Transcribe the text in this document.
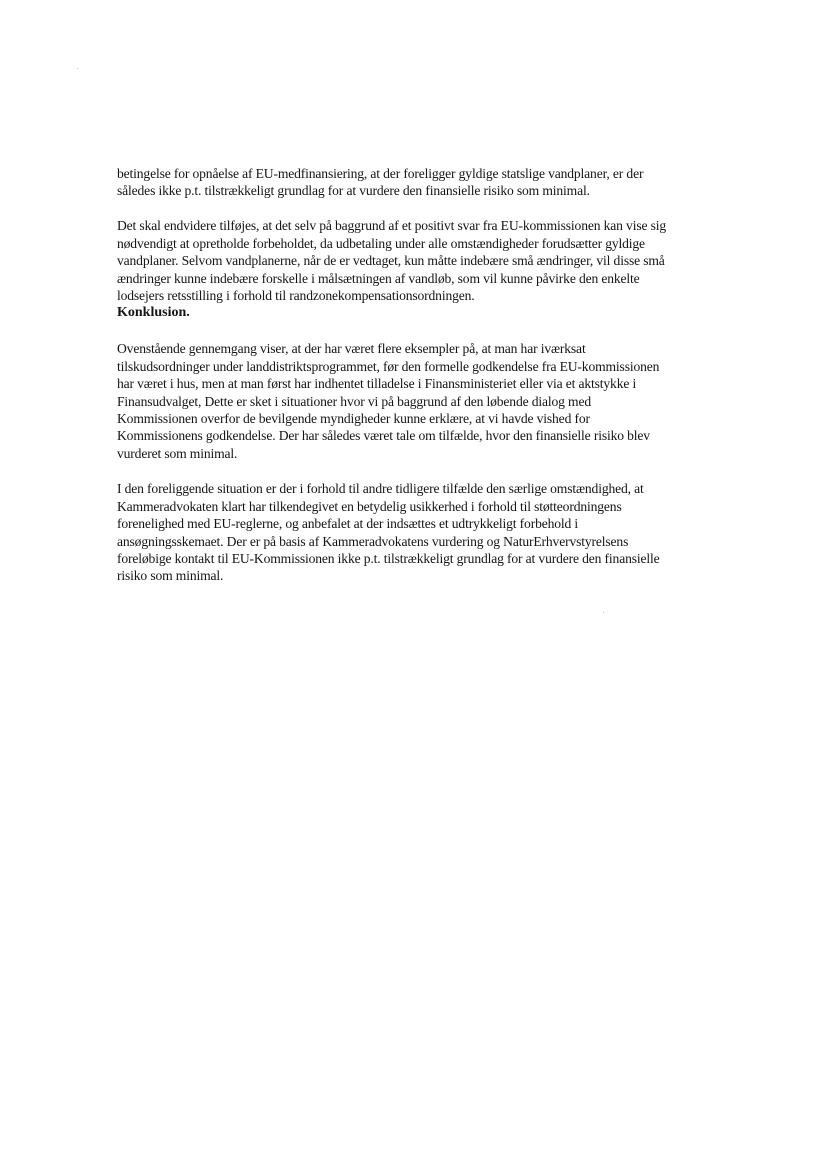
betingelse for opnåelse af EU-medfinansiering, at der foreligger gyldige statslige vandplaner, er der
således ikke p.t. tilstrækkeligt grundlag for at vurdere den finansielle risiko som minimal.

Det skal endvidere tilføjes, at det selv på baggrund af et positivt svar fra EU-kommissionen kan vise sig
nødvendigt at opretholde forbeholdet, da udbetaling under alle omstændigheder forudsætter gyldige
vandplaner. Selvom vandplanerne, når de er vedtaget, kun måtte indebære små ændringer, vil disse små
ændringer kunne indebære forskelle i målsætningen af vandløb, som vil kunne påvirke den enkelte
lodsejers retsstilling i forhold til randzonekompensationsordningen.

Konklusion.

Ovenstående gennemgang viser, at der har været flere eksempler på, at man har iværksat
tilskudsordninger under landdistriktsprogrammet, før den formelle godkendelse fra EU-kommissionen
har været i hus, men at man først har indhentet tilladelse i Finansministeriet eller via et aktstykke i
Finansudvalget, Dette er sket i situationer hvor vi på baggrund af den løbende dialog med
Kommissionen overfor de bevilgende myndigheder kunne erklære, at vi havde vished for
Kommissionens godkendelse. Der har således været tale om tilfælde, hvor den finansielle risiko blev
vurderet som minimal.

I den foreliggende situation er der i forhold til andre tidligere tilfælde den særlige omstændighed, at
Kammeradvokaten klart har tilkendegivet en betydelig usikkerhed i forhold til støtteordningens
forenelighed med EU-reglerne, og anbefalet at der indsættes et udtrykkeligt forbehold i
ansøgningsskemaet. Der er på basis af Kammeradvokatens vurdering og NaturErhvervstyrelsens
foreløbige kontakt til EU-Kommissionen ikke p.t. tilstrækkeligt grundlag for at vurdere den finansielle
risiko som minimal.
